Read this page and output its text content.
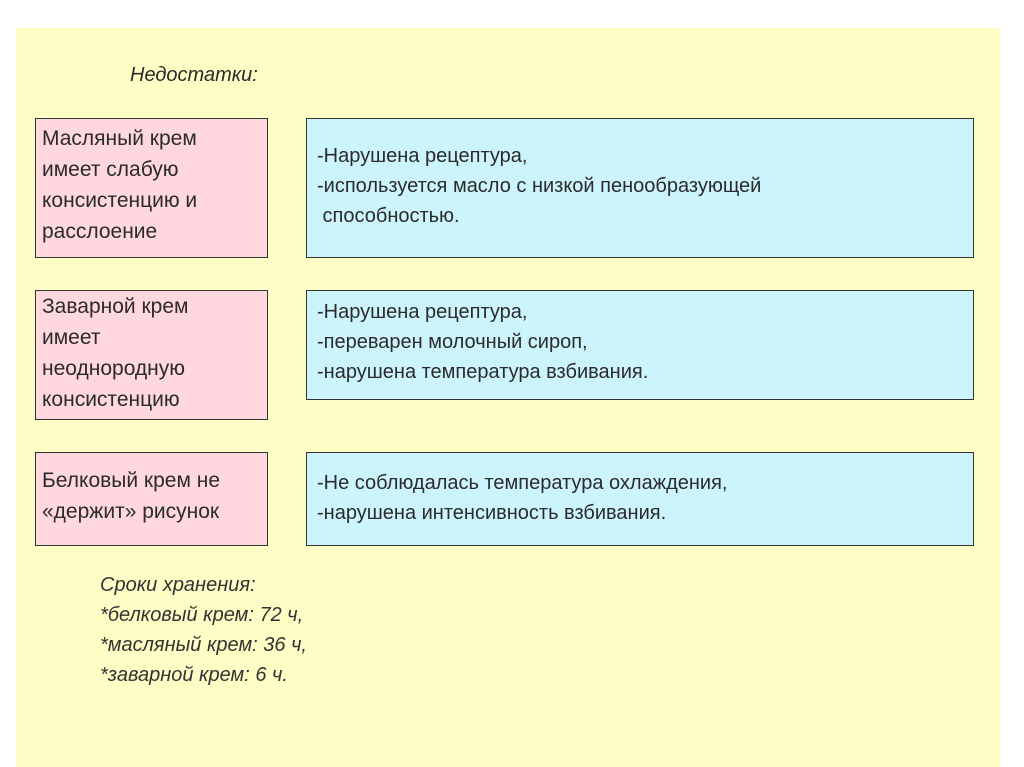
Недостатки:
Масляный крем
имеет слабую
консистенцию и
расслоение
-Нарушена рецептура,
-используется масло с низкой пенообразующей
способностью.
Заварной крем
имеет
неоднородную
консистенцию
-Нарушена рецептура,
-переварен молочный сироп,
-нарушена температура взбивания.
Белковый крем не
«держит» рисунок
-Не соблюдалась температура охлаждения,
-нарушена интенсивность взбивания.
Сроки хранения:
*белковый крем: 72 ч,
*масляный крем: 36 ч,
*заварной крем: 6 ч.
